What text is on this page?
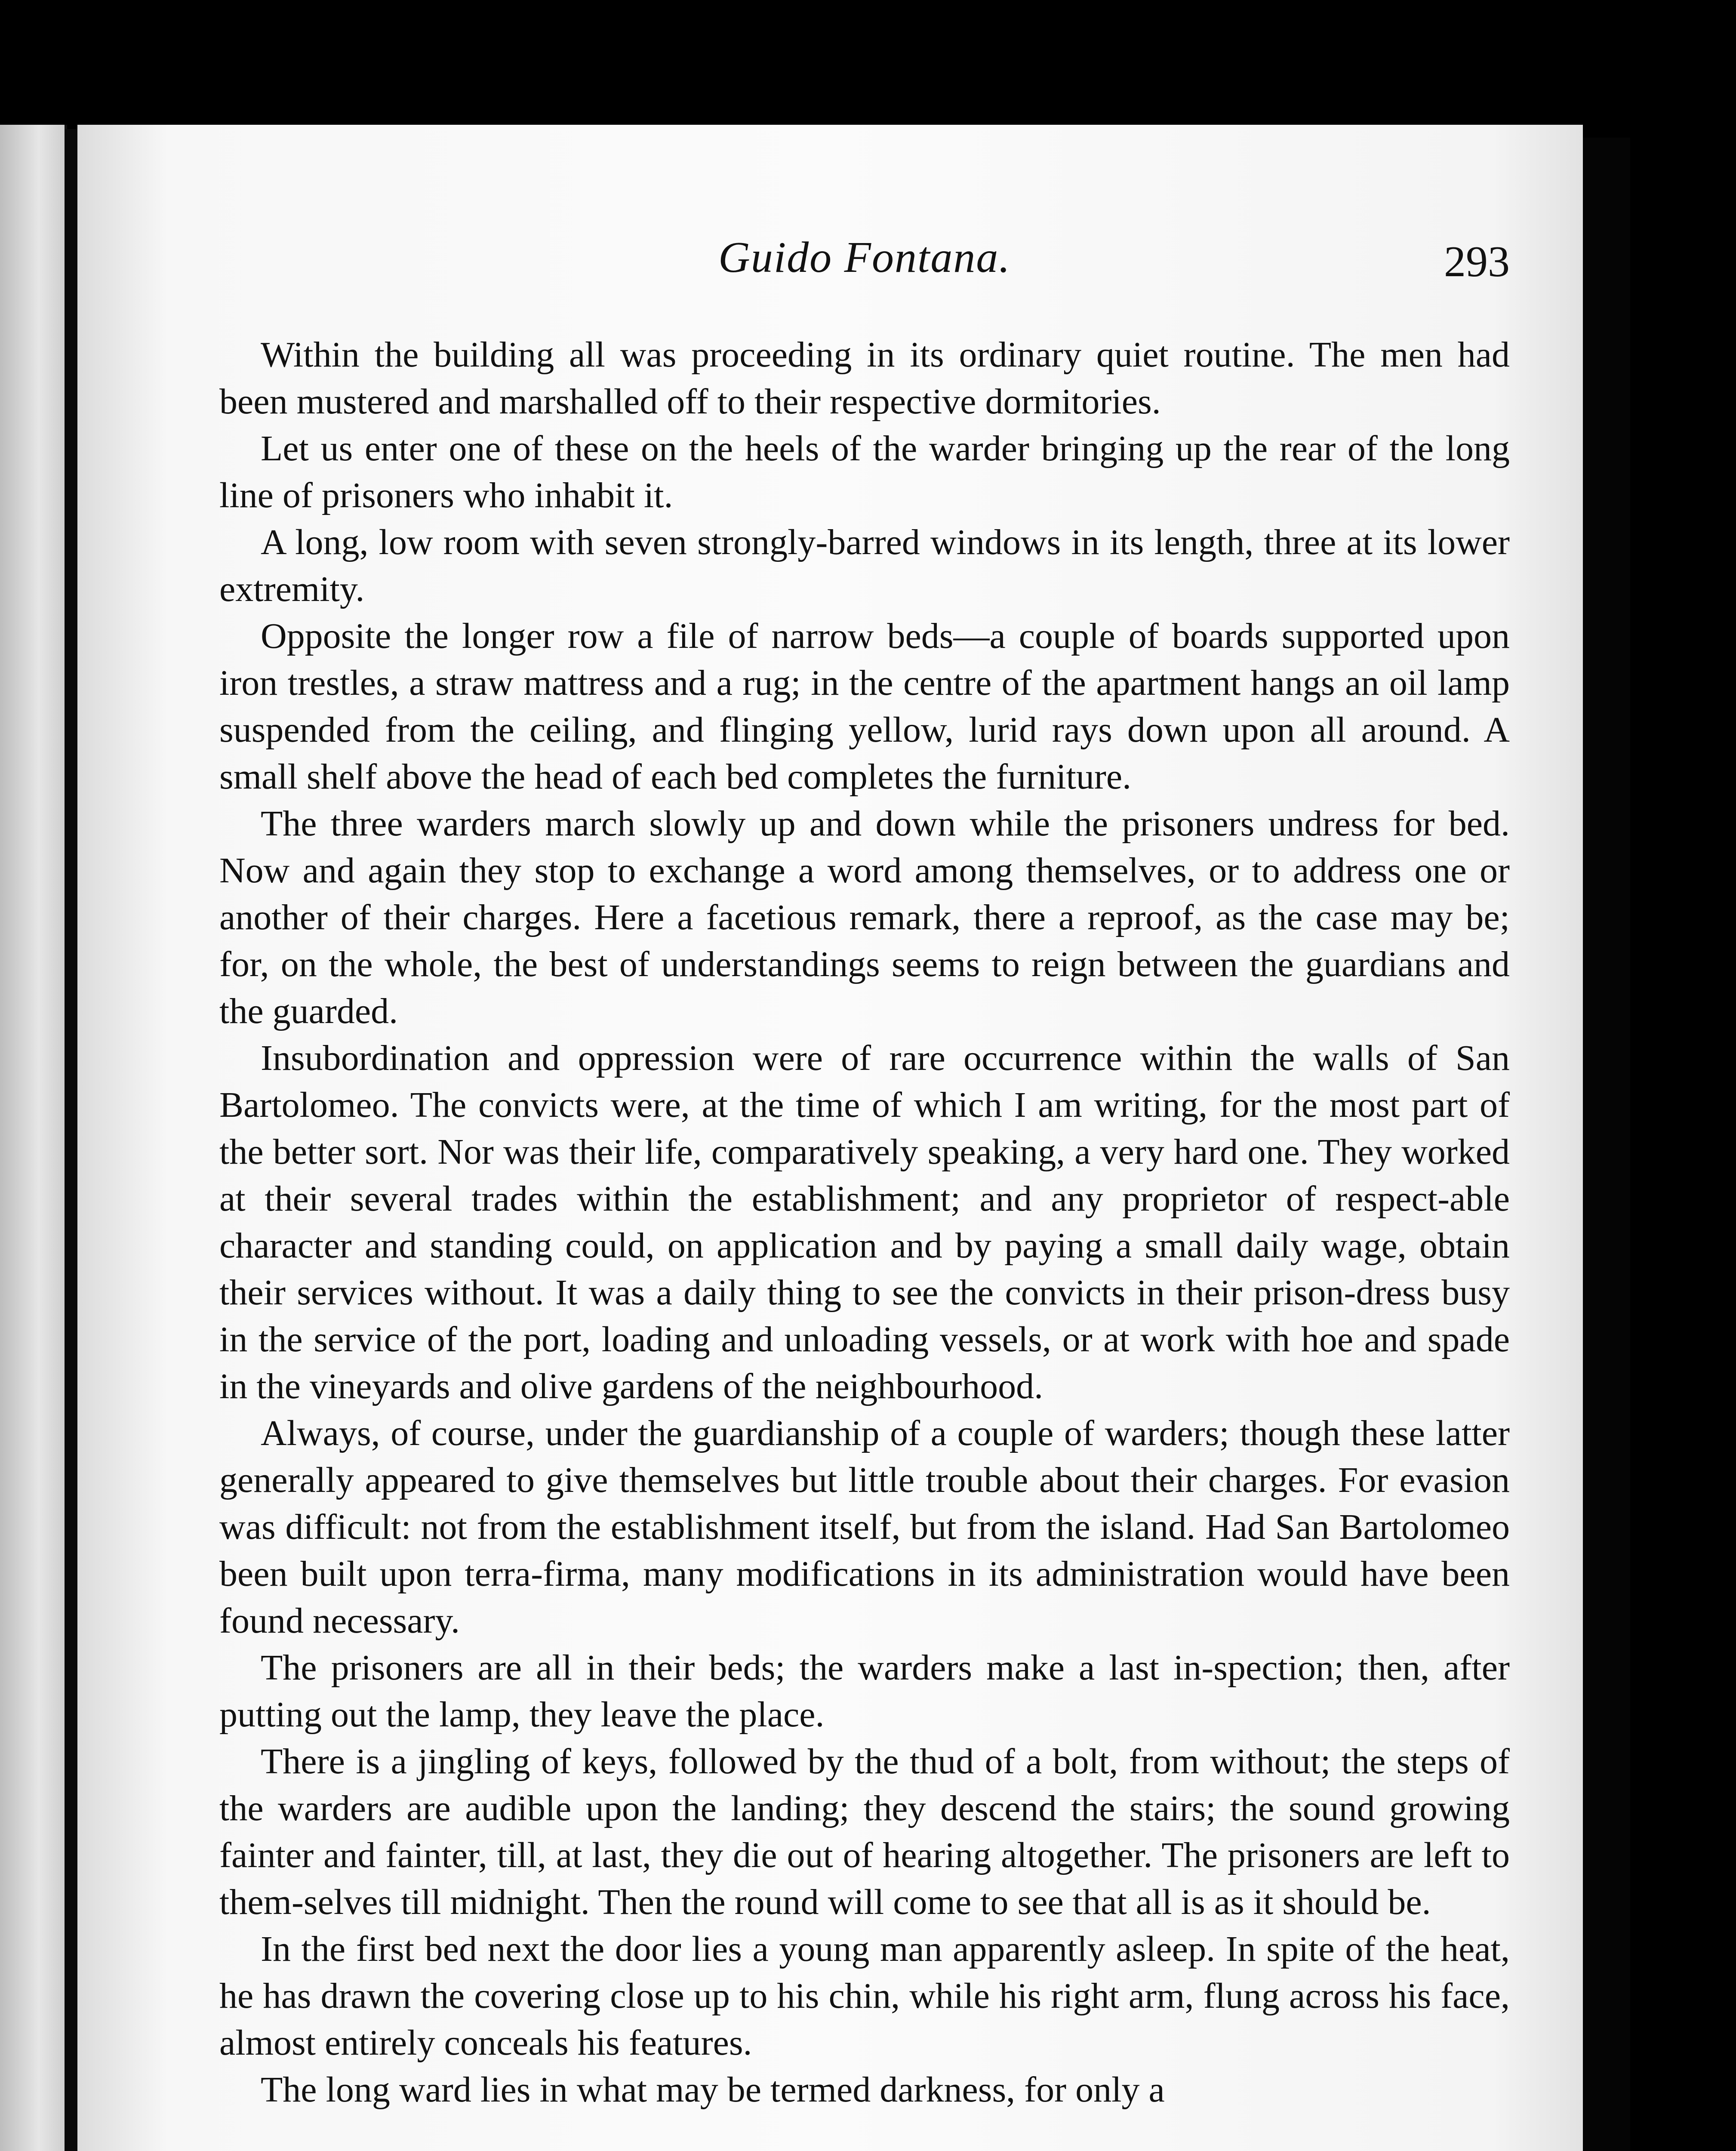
Guido Fontana.	293

Within the building all was proceeding in its ordinary quiet routine. The men had been mustered and marshalled off to their respective dormitories.

Let us enter one of these on the heels of the warder bringing up the rear of the long line of prisoners who inhabit it.

A long, low room with seven strongly-barred windows in its length, three at its lower extremity.

Opposite the longer row a file of narrow beds—a couple of boards supported upon iron trestles, a straw mattress and a rug; in the centre of the apartment hangs an oil lamp suspended from the ceiling, and flinging yellow, lurid rays down upon all around. A small shelf above the head of each bed completes the furniture.

The three warders march slowly up and down while the prisoners undress for bed. Now and again they stop to exchange a word among themselves, or to address one or another of their charges. Here a facetious remark, there a reproof, as the case may be; for, on the whole, the best of understandings seems to reign between the guardians and the guarded.

Insubordination and oppression were of rare occurrence within the walls of San Bartolomeo. The convicts were, at the time of which I am writing, for the most part of the better sort. Nor was their life, comparatively speaking, a very hard one. They worked at their several trades within the establishment; and any proprietor of respect-able character and standing could, on application and by paying a small daily wage, obtain their services without. It was a daily thing to see the convicts in their prison-dress busy in the service of the port, loading and unloading vessels, or at work with hoe and spade in the vineyards and olive gardens of the neighbourhood.

Always, of course, under the guardianship of a couple of warders; though these latter generally appeared to give themselves but little trouble about their charges. For evasion was difficult: not from the establishment itself, but from the island. Had San Bartolomeo been built upon terra-firma, many modifications in its administration would have been found necessary.

The prisoners are all in their beds; the warders make a last in-spection; then, after putting out the lamp, they leave the place.

There is a jingling of keys, followed by the thud of a bolt, from without; the steps of the warders are audible upon the landing; they descend the stairs; the sound growing fainter and fainter, till, at last, they die out of hearing altogether. The prisoners are left to them-selves till midnight. Then the round will come to see that all is as it should be.

In the first bed next the door lies a young man apparently asleep. In spite of the heat, he has drawn the covering close up to his chin, while his right arm, flung across his face, almost entirely conceals his features.

The long ward lies in what may be termed darkness, for only a
